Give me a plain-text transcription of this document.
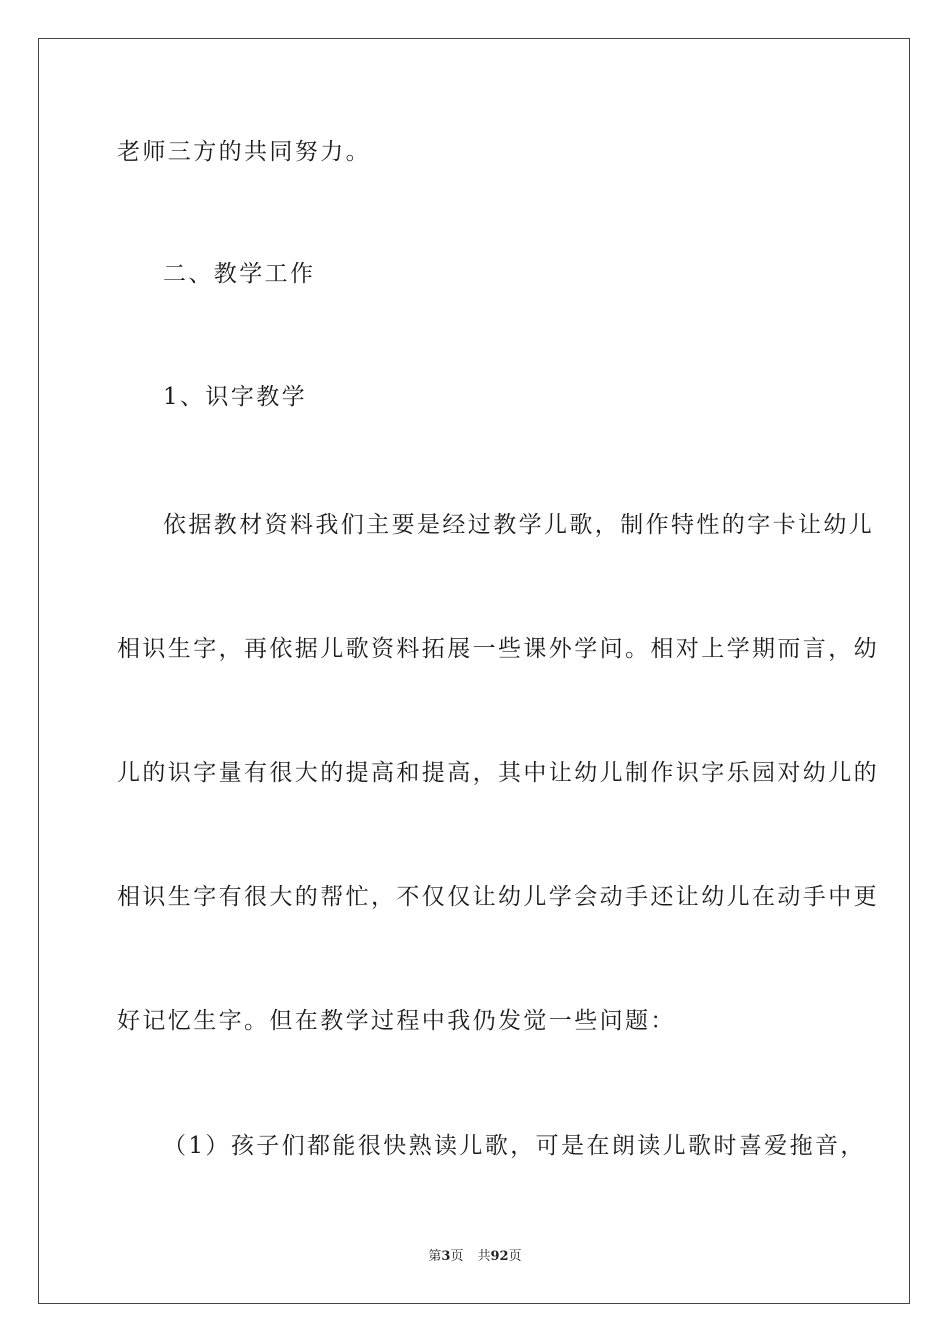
老师三方的共同努力。
二、教学工作
1、识字教学
依据教材资料我们主要是经过教学儿歌，制作特性的字卡让幼儿
相识生字，再依据儿歌资料拓展一些课外学问。相对上学期而言，幼
儿的识字量有很大的提高和提高，其中让幼儿制作识字乐园对幼儿的
相识生字有很大的帮忙，不仅仅让幼儿学会动手还让幼儿在动手中更
好记忆生字。但在教学过程中我仍发觉一些问题：
（1）孩子们都能很快熟读儿歌，可是在朗读儿歌时喜爱拖音，
第3页 共92页
